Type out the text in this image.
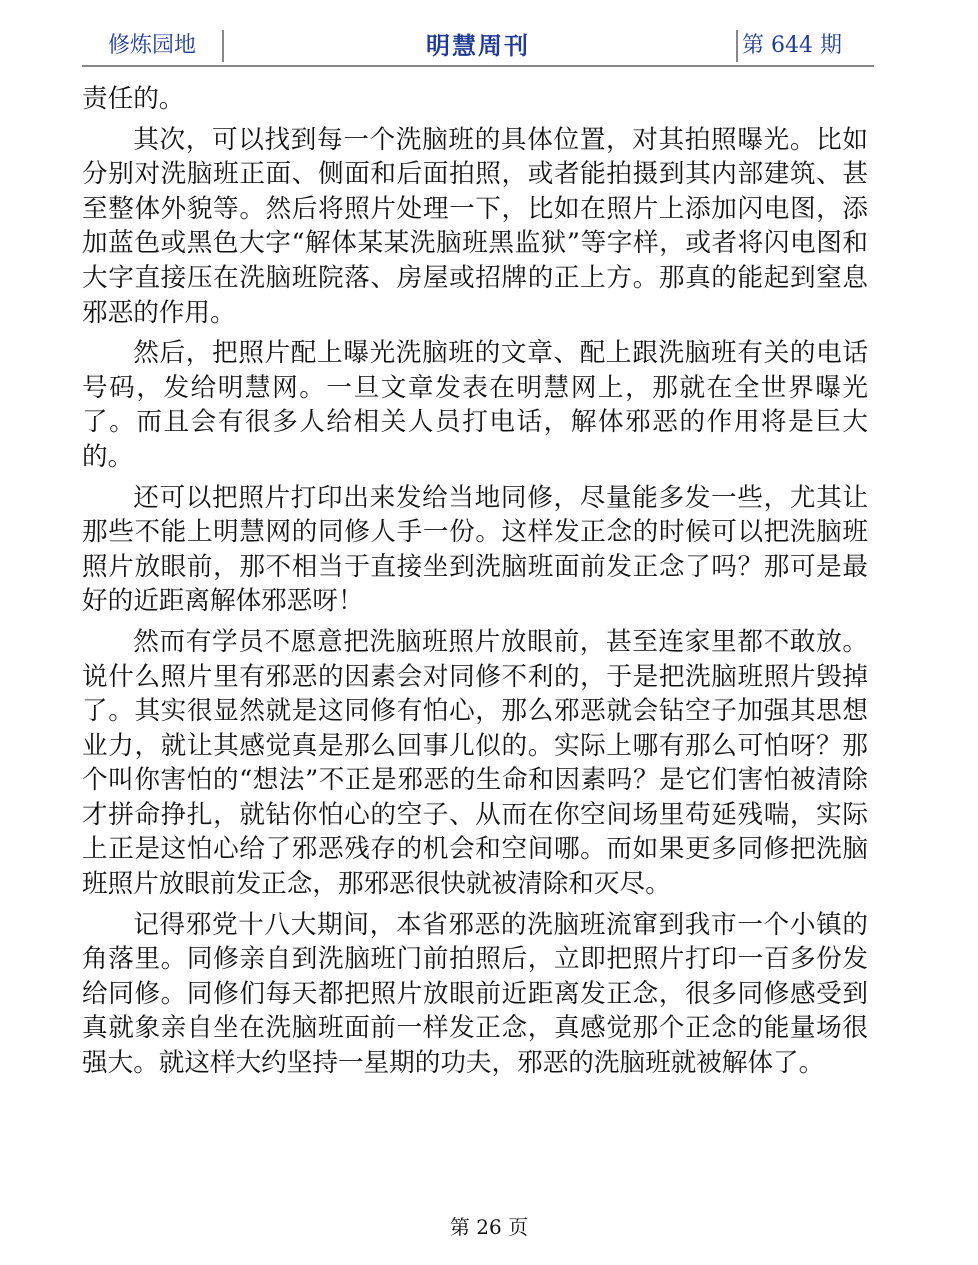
修炼园地	明慧周刊	第 644 期

责任的。

其次，可以找到每一个洗脑班的具体位置，对其拍照曝光。比如分别对洗脑班正面、侧面和后面拍照，或者能拍摄到其内部建筑、甚至整体外貌等。然后将照片处理一下，比如在照片上添加闪电图，添加蓝色或黑色大字“解体某某洗脑班黑监狱”等字样，或者将闪电图和大字直接压在洗脑班院落、房屋或招牌的正上方。那真的能起到窒息邪恶的作用。

然后，把照片配上曝光洗脑班的文章、配上跟洗脑班有关的电话号码，发给明慧网。一旦文章发表在明慧网上，那就在全世界曝光了。而且会有很多人给相关人员打电话，解体邪恶的作用将是巨大的。

还可以把照片打印出来发给当地同修，尽量能多发一些，尤其让那些不能上明慧网的同修人手一份。这样发正念的时候可以把洗脑班照片放眼前，那不相当于直接坐到洗脑班面前发正念了吗？那可是最好的近距离解体邪恶呀！

然而有学员不愿意把洗脑班照片放眼前，甚至连家里都不敢放。说什么照片里有邪恶的因素会对同修不利的，于是把洗脑班照片毁掉了。其实很显然就是这同修有怕心，那么邪恶就会钻空子加强其思想业力，就让其感觉真是那么回事儿似的。实际上哪有那么可怕呀？那个叫你害怕的“想法”不正是邪恶的生命和因素吗？是它们害怕被清除才拼命挣扎，就钻你怕心的空子、从而在你空间场里苟延残喘，实际上正是这怕心给了邪恶残存的机会和空间哪。而如果更多同修把洗脑班照片放眼前发正念，那邪恶很快就被清除和灭尽。

记得邪党十八大期间，本省邪恶的洗脑班流窜到我市一个小镇的角落里。同修亲自到洗脑班门前拍照后，立即把照片打印一百多份发给同修。同修们每天都把照片放眼前近距离发正念，很多同修感受到真就象亲自坐在洗脑班面前一样发正念，真感觉那个正念的能量场很强大。就这样大约坚持一星期的功夫，邪恶的洗脑班就被解体了。

第 26 页
